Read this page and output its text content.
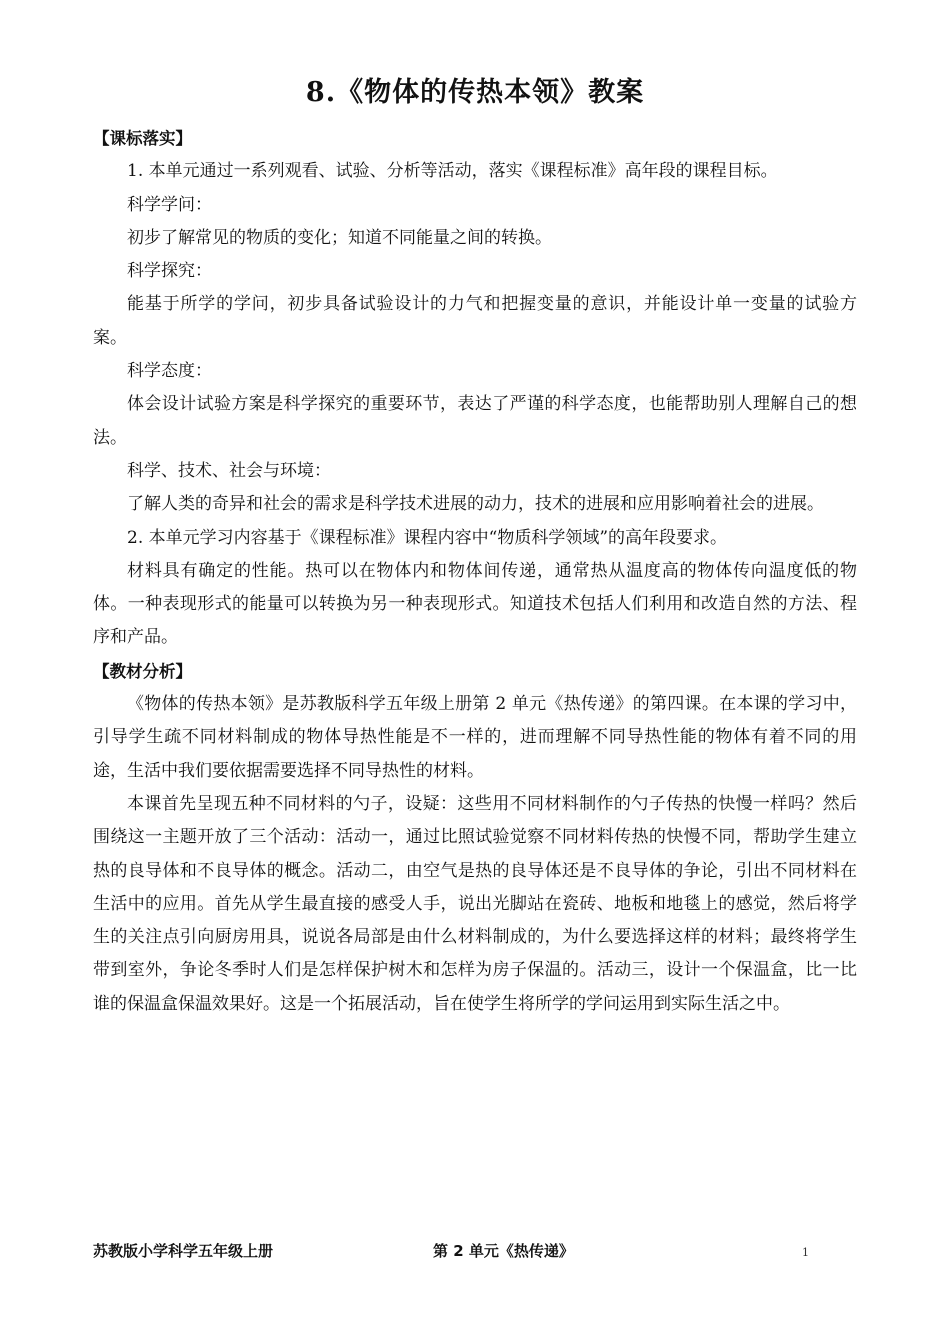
8.《物体的传热本领》教案
【课标落实】
1. 本单元通过一系列观看、试验、分析等活动，落实《课程标准》高年段的课程目标。
科学学问：
初步了解常见的物质的变化；知道不同能量之间的转换。
科学探究：
能基于所学的学问，初步具备试验设计的力气和把握变量的意识，并能设计单一变量的试验方案。
科学态度：
体会设计试验方案是科学探究的重要环节，表达了严谨的科学态度，也能帮助别人理解自己的想法。
科学、技术、社会与环境：
了解人类的奇异和社会的需求是科学技术进展的动力，技术的进展和应用影响着社会的进展。
2. 本单元学习内容基于《课程标准》课程内容中“物质科学领域”的高年段要求。
材料具有确定的性能。热可以在物体内和物体间传递，通常热从温度高的物体传向温度低的物体。一种表现形式的能量可以转换为另一种表现形式。知道技术包括人们利用和改造自然的方法、程序和产品。
【教材分析】
《物体的传热本领》是苏教版科学五年级上册第 2 单元《热传递》的第四课。在本课的学习中，引导学生疏不同材料制成的物体导热性能是不一样的，进而理解不同导热性能的物体有着不同的用途，生活中我们要依据需要选择不同导热性的材料。
本课首先呈现五种不同材料的勺子，设疑：这些用不同材料制作的勺子传热的快慢一样吗？然后围绕这一主题开放了三个活动：活动一，通过比照试验觉察不同材料传热的快慢不同，帮助学生建立热的良导体和不良导体的概念。活动二，由空气是热的良导体还是不良导体的争论，引出不同材料在生活中的应用。首先从学生最直接的感受人手，说出光脚站在瓷砖、地板和地毯上的感觉，然后将学生的关注点引向厨房用具，说说各局部是由什么材料制成的，为什么要选择这样的材料；最终将学生带到室外，争论冬季时人们是怎样保护树木和怎样为房子保温的。活动三，设计一个保温盒，比一比谁的保温盒保温效果好。这是一个拓展活动，旨在使学生将所学的学问运用到实际生活之中。
苏教版小学科学五年级上册	第 2 单元《热传递》	1
